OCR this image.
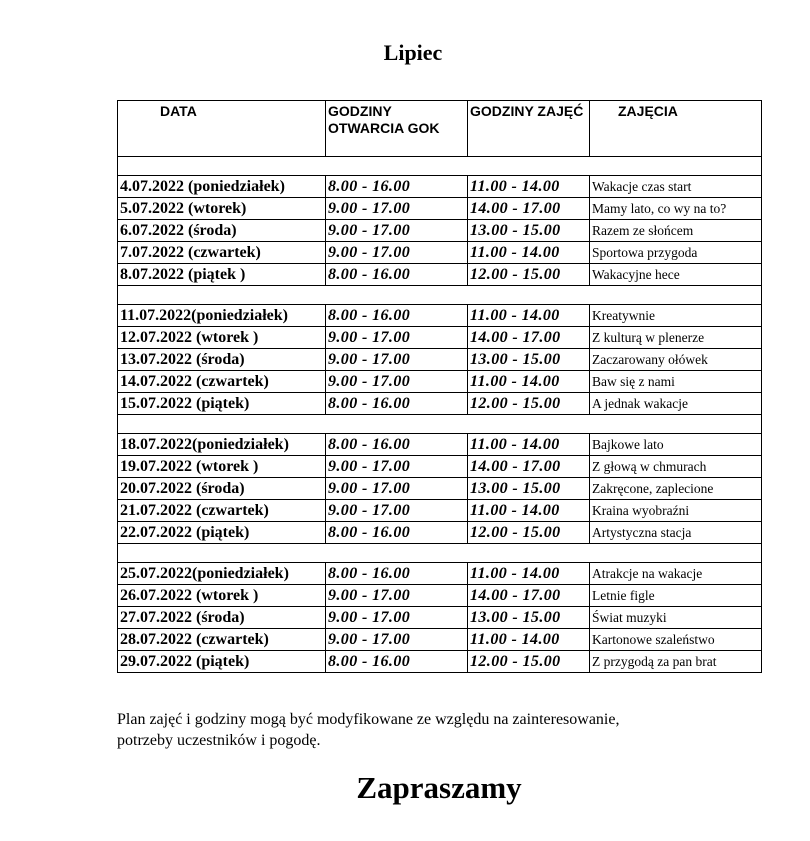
Lipiec
DATA	GODZINY OTWARCIA GOK	GODZINY ZAJĘĆ	ZAJĘCIA

4.07.2022 (poniedziałek)	8.00 - 16.00	11.00 - 14.00	Wakacje czas start
5.07.2022 (wtorek)	9.00 - 17.00	14.00 - 17.00	Mamy lato, co wy na to?
6.07.2022 (środa)	9.00 - 17.00	13.00 - 15.00	Razem ze słońcem
7.07.2022 (czwartek)	9.00 - 17.00	11.00 - 14.00	Sportowa przygoda
8.07.2022 (piątek )	8.00 - 16.00	12.00 - 15.00	Wakacyjne hece

11.07.2022(poniedziałek)	8.00 - 16.00	11.00 - 14.00	Kreatywnie
12.07.2022 (wtorek )	9.00 - 17.00	14.00 - 17.00	Z kulturą w plenerze
13.07.2022 (środa)	9.00 - 17.00	13.00 - 15.00	Zaczarowany ołówek
14.07.2022 (czwartek)	9.00 - 17.00	11.00 - 14.00	Baw się z nami
15.07.2022 (piątek)	8.00 - 16.00	12.00 - 15.00	A jednak wakacje

18.07.2022(poniedziałek)	8.00 - 16.00	11.00 - 14.00	Bajkowe lato
19.07.2022 (wtorek )	9.00 - 17.00	14.00 - 17.00	Z głową w chmurach
20.07.2022 (środa)	9.00 - 17.00	13.00 - 15.00	Zakręcone, zaplecione
21.07.2022 (czwartek)	9.00 - 17.00	11.00 - 14.00	Kraina wyobraźni
22.07.2022 (piątek)	8.00 - 16.00	12.00 - 15.00	Artystyczna stacja

25.07.2022(poniedziałek)	8.00 - 16.00	11.00 - 14.00	Atrakcje na wakacje
26.07.2022 (wtorek )	9.00 - 17.00	14.00 - 17.00	Letnie figle
27.07.2022 (środa)	9.00 - 17.00	13.00 - 15.00	Świat muzyki
28.07.2022 (czwartek)	9.00 - 17.00	11.00 - 14.00	Kartonowe szaleństwo
29.07.2022 (piątek)	8.00 - 16.00	12.00 - 15.00	Z przygodą za pan brat
Plan zajęć i godziny mogą być modyfikowane ze względu na zainteresowanie, potrzeby uczestników i pogodę.
Zapraszamy
